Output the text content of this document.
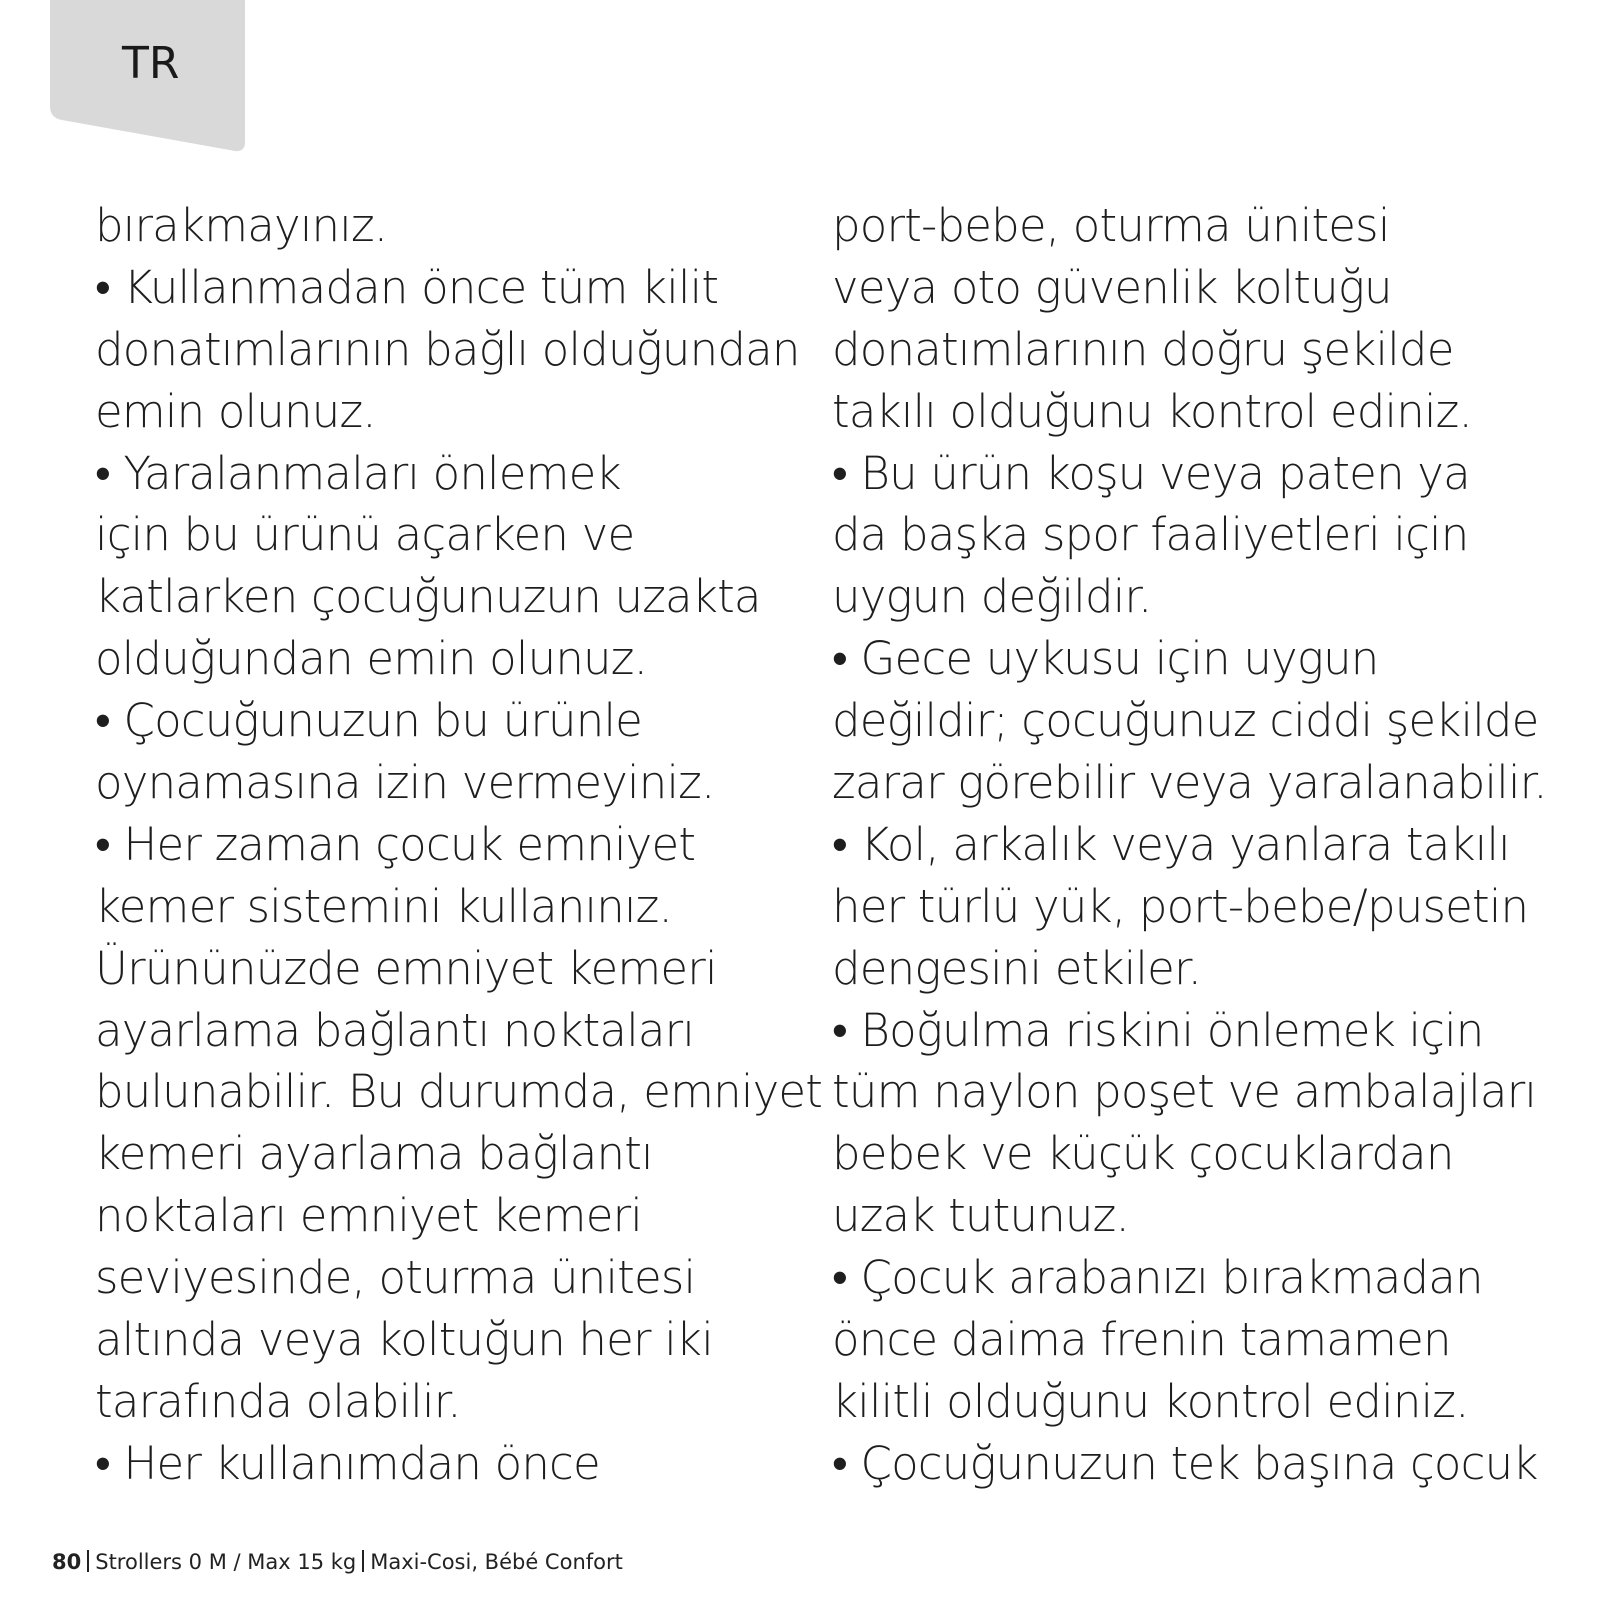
TR
bırakmayınız.
• Kullanmadan önce tüm kilit
donatımlarının bağlı olduğundan
emin olunuz.
• Yaralanmaları önlemek
için bu ürünü açarken ve
katlarken çocuğunuzun uzakta
olduğundan emin olunuz.
• Çocuğunuzun bu ürünle
oynamasına izin vermeyiniz.
• Her zaman çocuk emniyet
kemer sistemini kullanınız.
Ürününüzde emniyet kemeri
ayarlama bağlantı noktaları
bulunabilir. Bu durumda, emniyet
kemeri ayarlama bağlantı
noktaları emniyet kemeri
seviyesinde, oturma ünitesi
altında veya koltuğun her iki
tarafında olabilir.
• Her kullanımdan önce
port-bebe, oturma ünitesi
veya oto güvenlik koltuğu
donatımlarının doğru şekilde
takılı olduğunu kontrol ediniz.
• Bu ürün koşu veya paten ya
da başka spor faaliyetleri için
uygun değildir.
• Gece uykusu için uygun
değildir; çocuğunuz ciddi şekilde
zarar görebilir veya yaralanabilir.
• Kol, arkalık veya yanlara takılı
her türlü yük, port-bebe/pusetin
dengesini etkiler.
• Boğulma riskini önlemek için
tüm naylon poşet ve ambalajları
bebek ve küçük çocuklardan
uzak tutunuz.
• Çocuk arabanızı bırakmadan
önce daima frenin tamamen
kilitli olduğunu kontrol ediniz.
• Çocuğunuzun tek başına çocuk
80 Strollers 0 M / Max 15 kg Maxi-Cosi, Bébé Confort
